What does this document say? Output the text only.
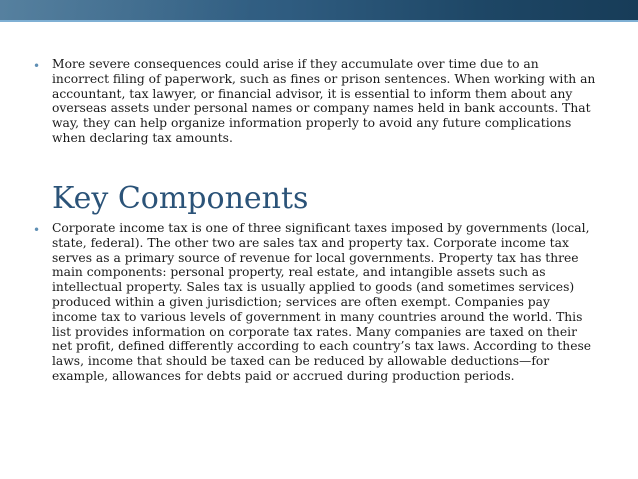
• More severe consequences could arise if they accumulate over time due to an incorrect filing of paperwork, such as fines or prison sentences. When working with an accountant, tax lawyer, or financial advisor, it is essential to inform them about any overseas assets under personal names or company names held in bank accounts. That way, they can help organize information properly to avoid any future complications when declaring tax amounts.

Key Components
• Corporate income tax is one of three significant taxes imposed by governments (local, state, federal). The other two are sales tax and property tax. Corporate income tax serves as a primary source of revenue for local governments. Property tax has three main components: personal property, real estate, and intangible assets such as intellectual property. Sales tax is usually applied to goods (and sometimes services) produced within a given jurisdiction; services are often exempt. Companies pay income tax to various levels of government in many countries around the world. This list provides information on corporate tax rates. Many companies are taxed on their net profit, defined differently according to each country’s tax laws. According to these laws, income that should be taxed can be reduced by allowable deductions—for example, allowances for debts paid or accrued during production periods.
